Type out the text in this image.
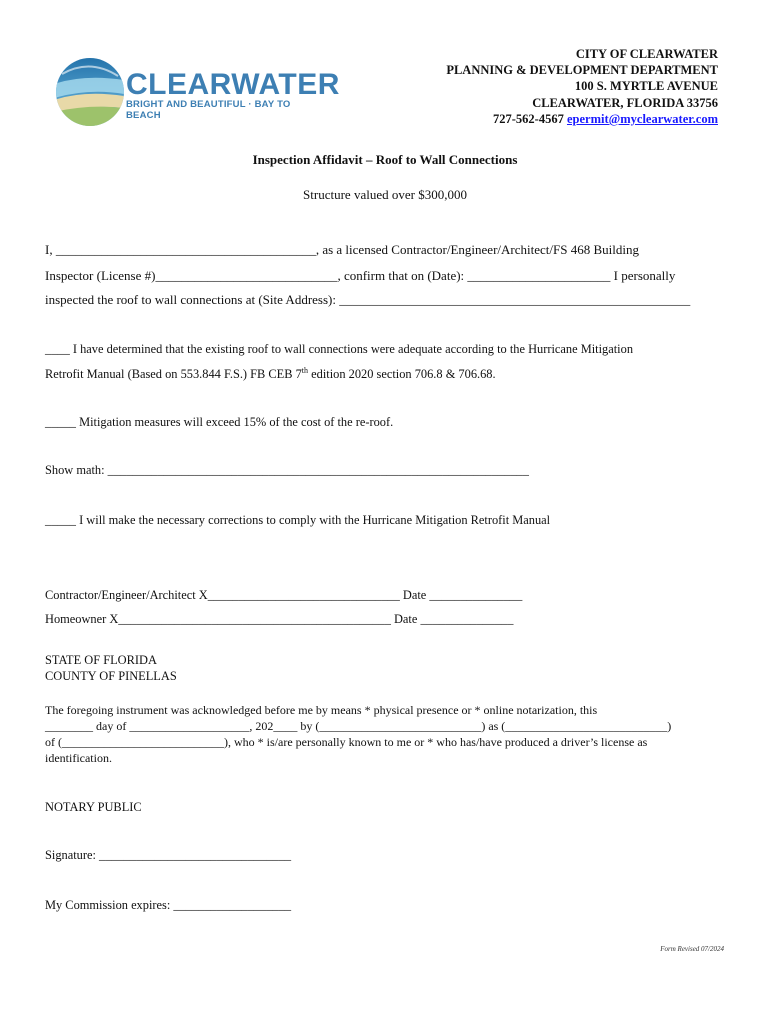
CLEARWATER
BRIGHT AND BEAUTIFUL · BAY TO BEACH
CITY OF CLEARWATER
PLANNING & DEVELOPMENT DEPARTMENT
100 S. MYRTLE AVENUE
CLEARWATER, FLORIDA 33756
727-562-4567 epermit@myclearwater.com
Inspection Affidavit – Roof to Wall Connections
Structure valued over $300,000
I, ________________________________________, as a licensed Contractor/Engineer/Architect/FS 468 Building
Inspector (License #)____________________________, confirm that on (Date): ______________________ I personally
inspected the roof to wall connections at (Site Address): ______________________________________________________
____ I have determined that the existing roof to wall connections were adequate according to the Hurricane Mitigation
Retrofit Manual (Based on 553.844 F.S.) FB CEB 7th edition 2020 section 706.8 & 706.68.
_____ Mitigation measures will exceed 15% of the cost of the re-roof.
Show math: ____________________________________________________________________
_____ I will make the necessary corrections to comply with the Hurricane Mitigation Retrofit Manual
Contractor/Engineer/Architect X_______________________________ Date _______________
Homeowner X____________________________________________ Date _______________
STATE OF FLORIDA
COUNTY OF PINELLAS
The foregoing instrument was acknowledged before me by means * physical presence or * online notarization, this
________ day of ____________________, 202____ by (___________________________) as (___________________________)
of (___________________________), who * is/are personally known to me or * who has/have produced a driver’s license as
identification.
NOTARY PUBLIC
Signature: _______________________________
My Commission expires: ___________________
Form Revised 07/2024
